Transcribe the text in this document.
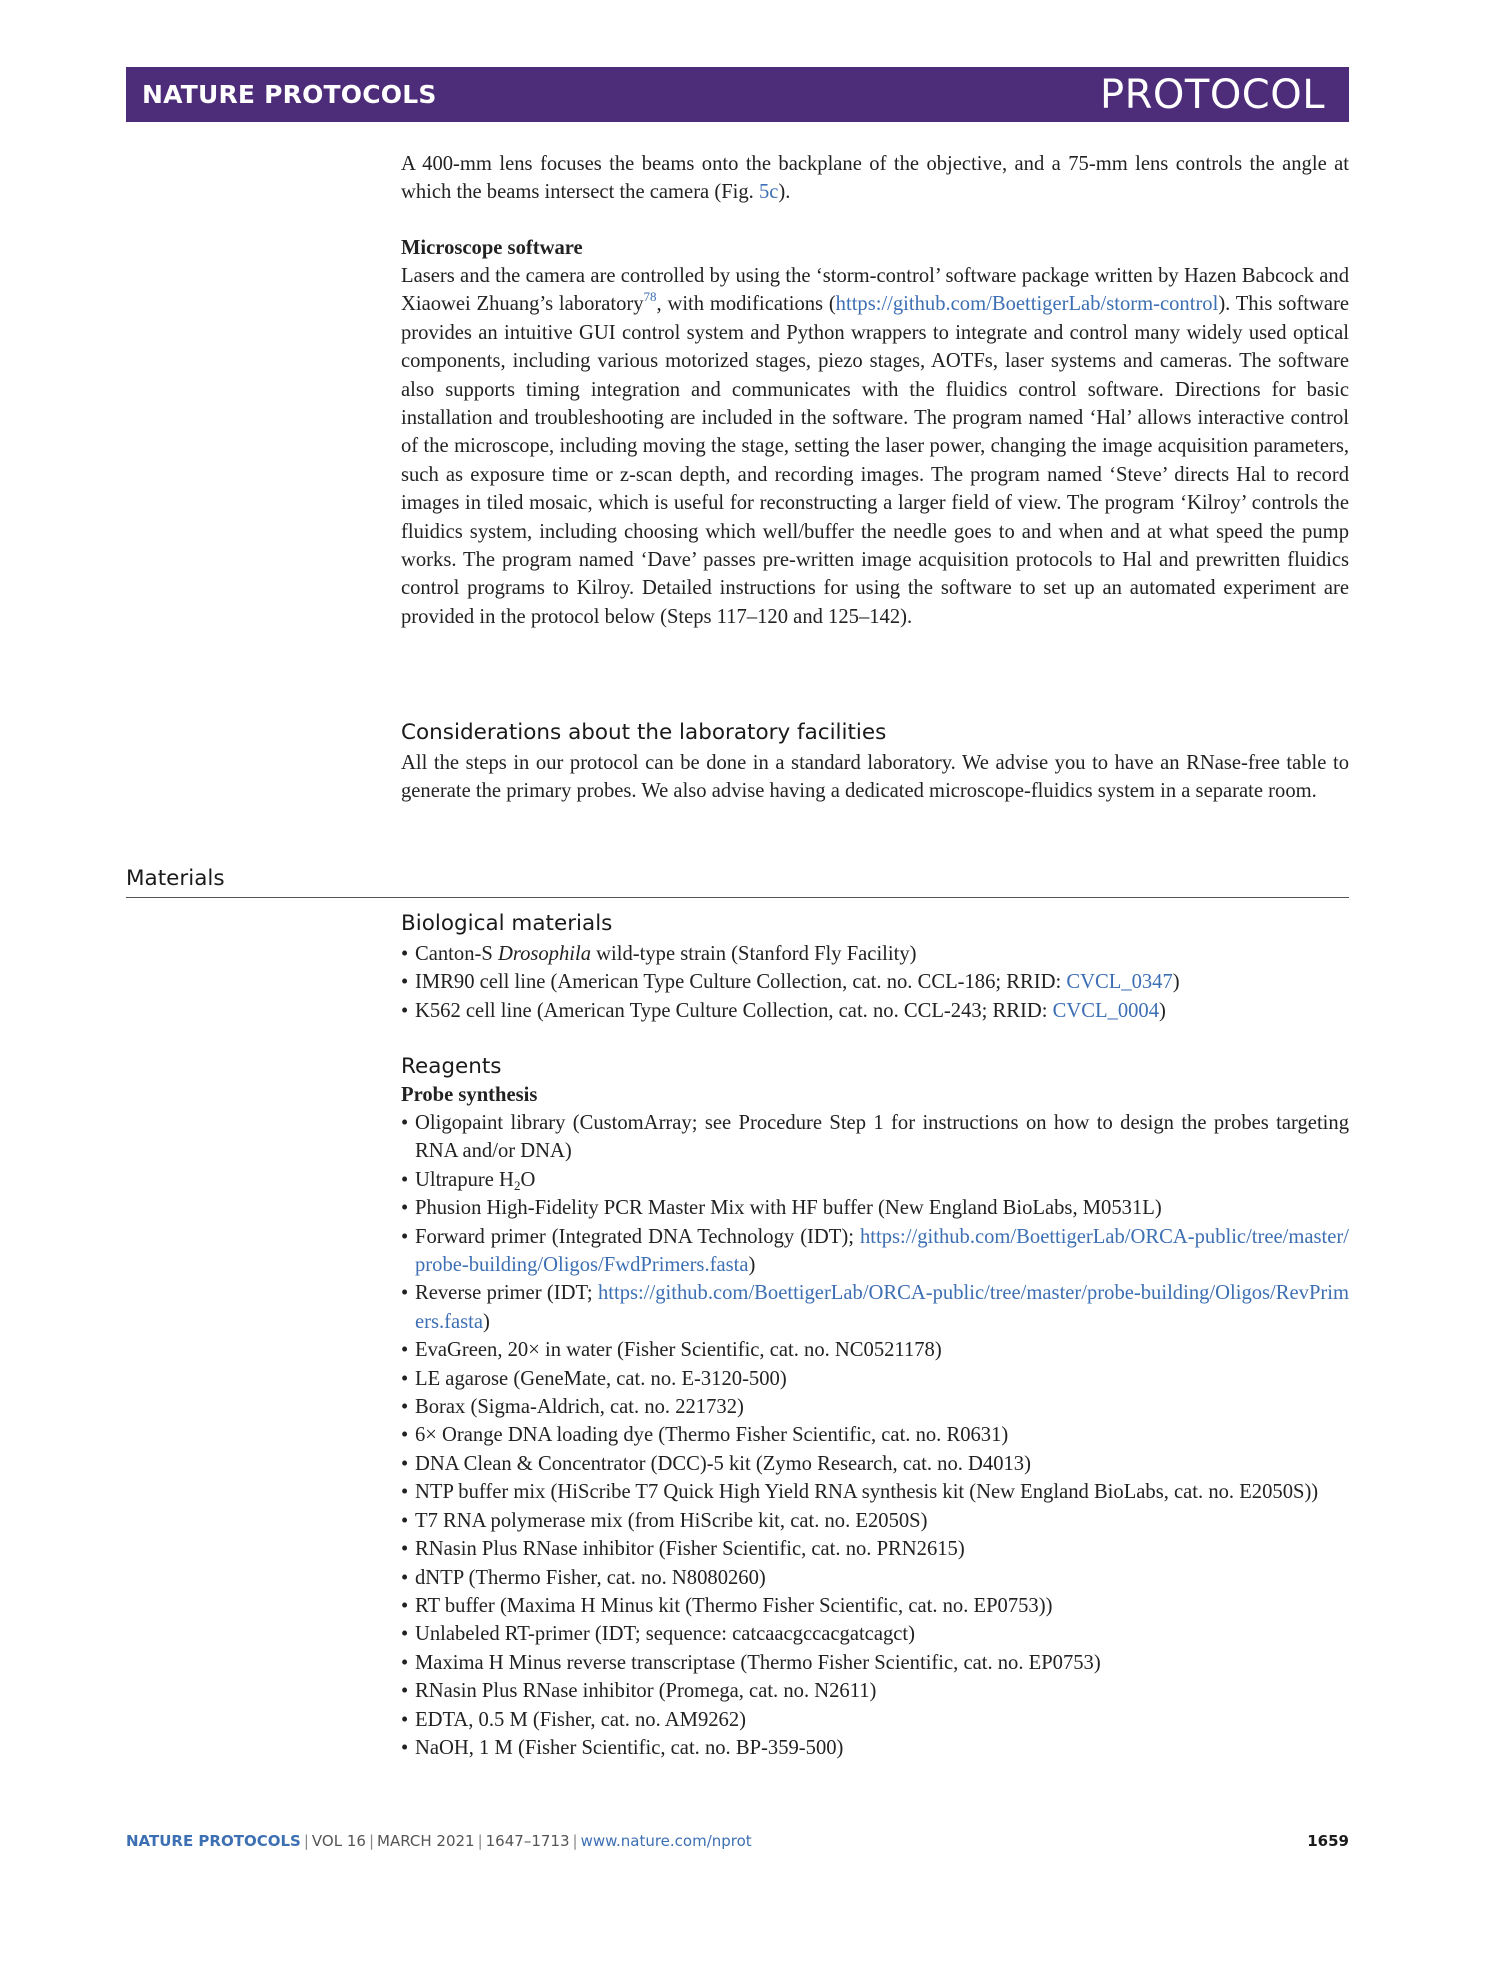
NATURE PROTOCOLS	PROTOCOL

A 400-mm lens focuses the beams onto the backplane of the objective, and a 75-mm lens controls the angle at which the beams intersect the camera (Fig. 5c).

Microscope software

Lasers and the camera are controlled by using the ‘storm-control’ software package written by Hazen Babcock and Xiaowei Zhuang’s laboratory$^{78}$, with modifications (https://github.com/BoettigerLab/storm-control). This software provides an intuitive GUI control system and Python wrappers to integrate and control many widely used optical components, including various motorized stages, piezo stages, AOTFs, laser systems and cameras. The software also supports timing integration and communicates with the fluidics control software. Directions for basic installation and troubleshooting are included in the software. The program named ‘Hal’ allows interactive control of the microscope, including moving the stage, setting the laser power, changing the image acquisition parameters, such as exposure time or z-scan depth, and recording images. The program named ‘Steve’ directs Hal to record images in tiled mosaic, which is useful for reconstructing a larger field of view. The program ‘Kilroy’ controls the fluidics system, including choosing which well/buffer the needle goes to and when and at what speed the pump works. The program named ‘Dave’ passes pre-written image acquisition protocols to Hal and prewritten fluidics control programs to Kilroy. Detailed instructions for using the software to set up an automated experiment are provided in the protocol below (Steps 117–120 and 125–142).

Considerations about the laboratory facilities

All the steps in our protocol can be done in a standard laboratory. We advise you to have an RNase-free table to generate the primary probes. We also advise having a dedicated microscope-fluidics system in a separate room.

Materials

Biological materials

• Canton-S Drosophila wild-type strain (Stanford Fly Facility)
• IMR90 cell line (American Type Culture Collection, cat. no. CCL-186; RRID: CVCL_0347)
• K562 cell line (American Type Culture Collection, cat. no. CCL-243; RRID: CVCL_0004)

Reagents

Probe synthesis

• Oligopaint library (CustomArray; see Procedure Step 1 for instructions on how to design the probes targeting RNA and/or DNA)
• Ultrapure $H_2O$
• Phusion High-Fidelity PCR Master Mix with HF buffer (New England BioLabs, M0531L)
• Forward primer (Integrated DNA Technology (IDT); https://github.com/BoettigerLab/ORCA-public/tree/master/probe-building/Oligos/FwdPrimers.fasta)
• Reverse primer (IDT; https://github.com/BoettigerLab/ORCA-public/tree/master/probe-building/Oligos/RevPrimers.fasta)
• EvaGreen, 20× in water (Fisher Scientific, cat. no. NC0521178)
• LE agarose (GeneMate, cat. no. E-3120-500)
• Borax (Sigma-Aldrich, cat. no. 221732)
• 6× Orange DNA loading dye (Thermo Fisher Scientific, cat. no. R0631)
• DNA Clean & Concentrator (DCC)-5 kit (Zymo Research, cat. no. D4013)
• NTP buffer mix (HiScribe T7 Quick High Yield RNA synthesis kit (New England BioLabs, cat. no. E2050S))
• T7 RNA polymerase mix (from HiScribe kit, cat. no. E2050S)
• RNasin Plus RNase inhibitor (Fisher Scientific, cat. no. PRN2615)
• dNTP (Thermo Fisher, cat. no. N8080260)
• RT buffer (Maxima H Minus kit (Thermo Fisher Scientific, cat. no. EP0753))
• Unlabeled RT-primer (IDT; sequence: catcaacgccacgatcagct)
• Maxima H Minus reverse transcriptase (Thermo Fisher Scientific, cat. no. EP0753)
• RNasin Plus RNase inhibitor (Promega, cat. no. N2611)
• EDTA, 0.5 M (Fisher, cat. no. AM9262)
• NaOH, 1 M (Fisher Scientific, cat. no. BP-359-500)
NATURE PROTOCOLS | VOL 16 | MARCH 2021 | 1647–1713 | www.nature.com/nprot	1659
